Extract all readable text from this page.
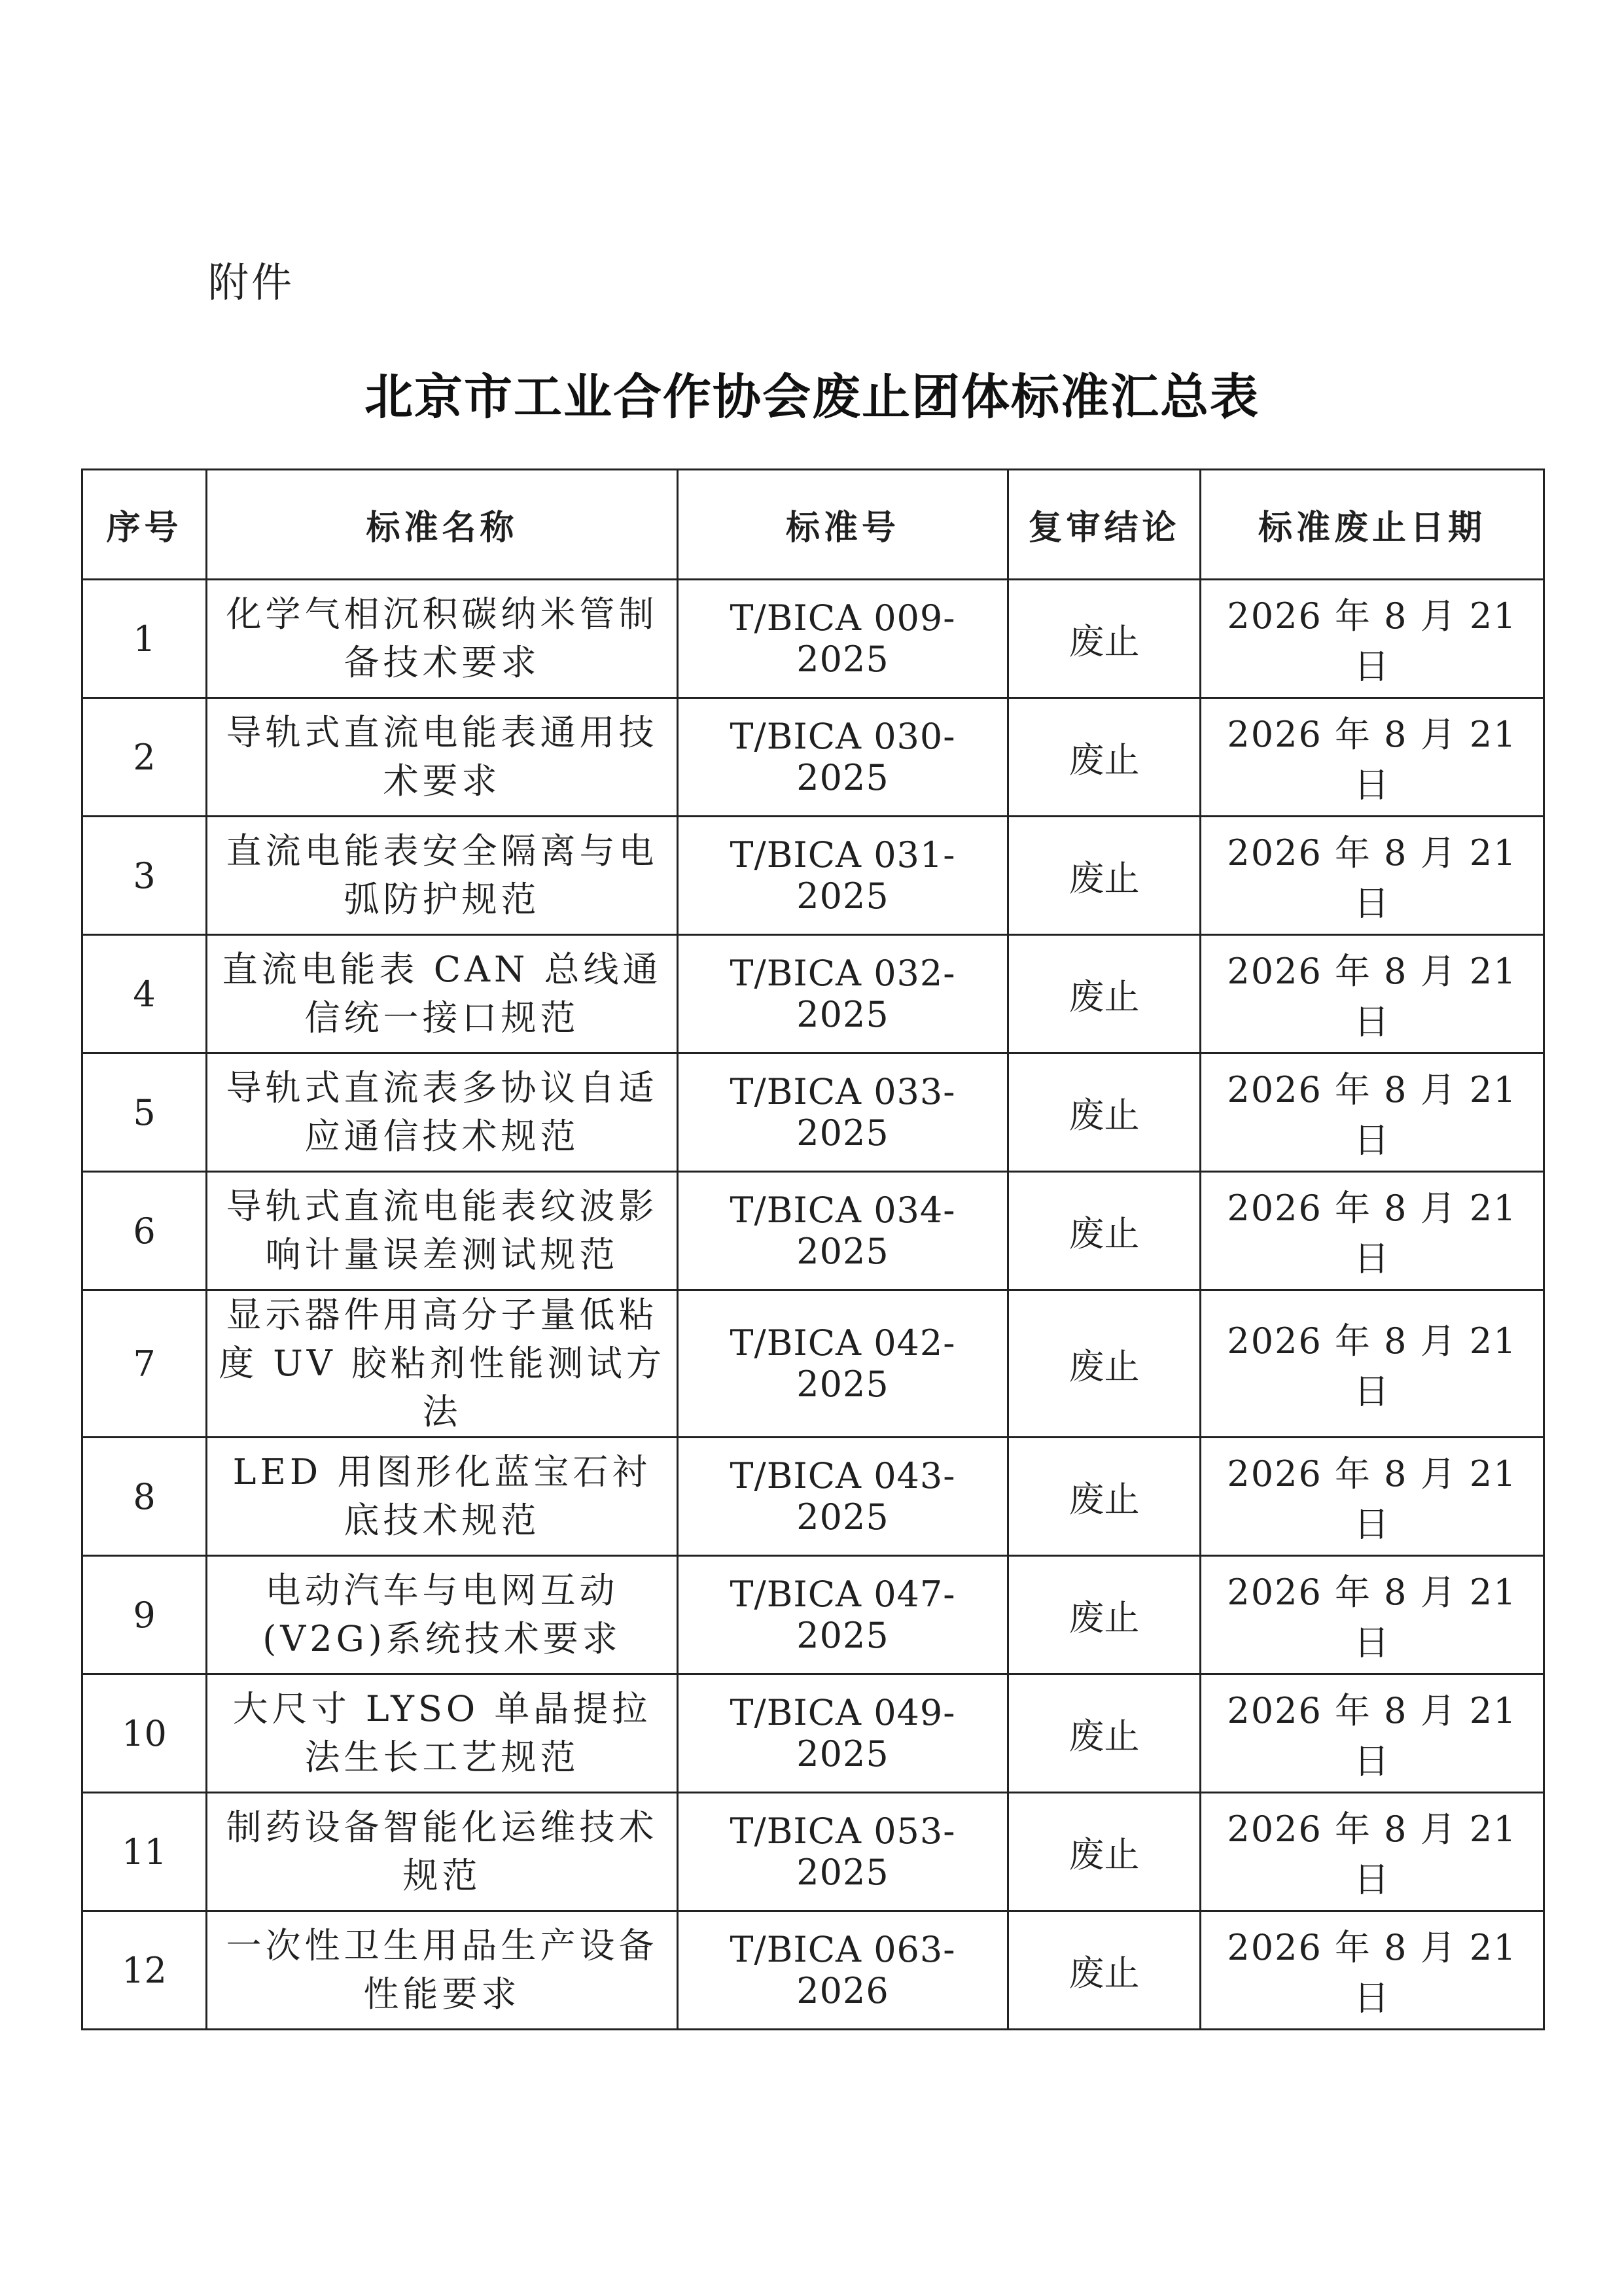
附件
北京市工业合作协会废止团体标准汇总表
序号	标准名称	标准号	复审结论	标准废止日期
1	化学气相沉积碳纳米管制备技术要求	T/BICA 009-2025	废止	2026 年 8 月 21 日
2	导轨式直流电能表通用技术要求	T/BICA 030-2025	废止	2026 年 8 月 21 日
3	直流电能表安全隔离与电弧防护规范	T/BICA 031-2025	废止	2026 年 8 月 21 日
4	直流电能表 CAN 总线通信统一接口规范	T/BICA 032-2025	废止	2026 年 8 月 21 日
5	导轨式直流表多协议自适应通信技术规范	T/BICA 033-2025	废止	2026 年 8 月 21 日
6	导轨式直流电能表纹波影响计量误差测试规范	T/BICA 034-2025	废止	2026 年 8 月 21 日
7	显示器件用高分子量低粘度 UV 胶粘剂性能测试方法	T/BICA 042-2025	废止	2026 年 8 月 21 日
8	LED 用图形化蓝宝石衬底技术规范	T/BICA 043-2025	废止	2026 年 8 月 21 日
9	电动汽车与电网互动(V2G)系统技术要求	T/BICA 047-2025	废止	2026 年 8 月 21 日
10	大尺寸 LYSO 单晶提拉法生长工艺规范	T/BICA 049-2025	废止	2026 年 8 月 21 日
11	制药设备智能化运维技术规范	T/BICA 053-2025	废止	2026 年 8 月 21 日
12	一次性卫生用品生产设备性能要求	T/BICA 063-2026	废止	2026 年 8 月 21 日
